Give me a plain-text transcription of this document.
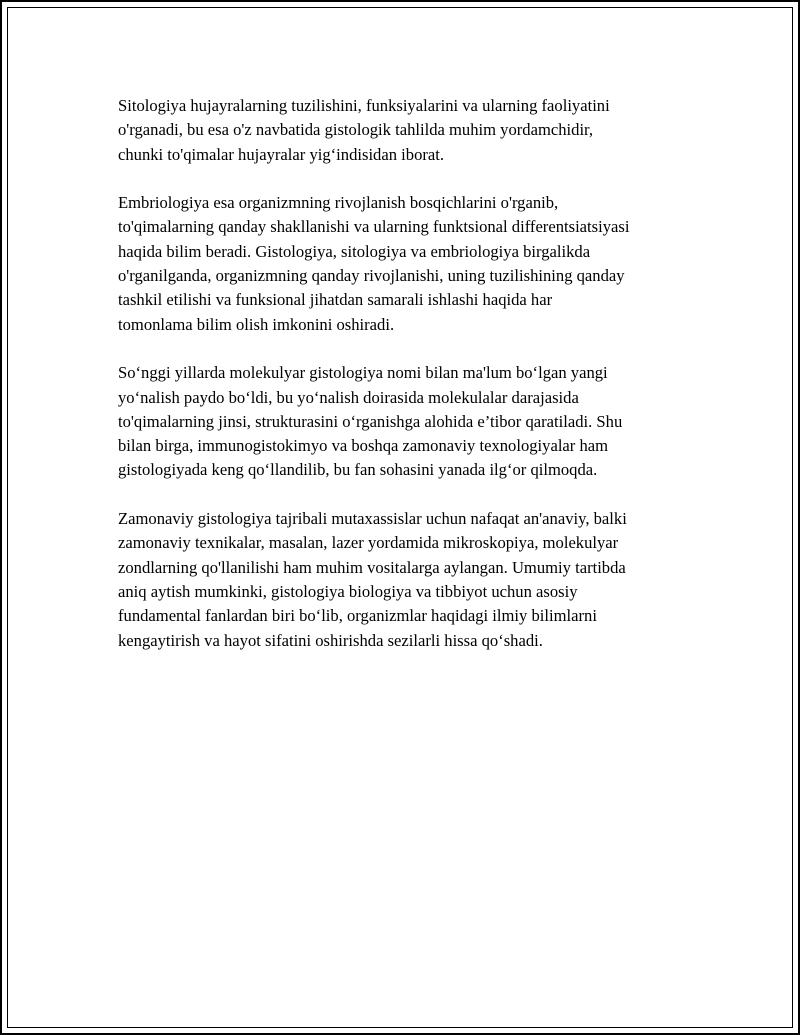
Sitologiya hujayralarning tuzilishini, funksiyalarini va ularning faoliyatini
o'rganadi, bu esa o'z navbatida gistologik tahlilda muhim yordamchidir,
chunki to'qimalar hujayralar yig‘indisidan iborat.

Embriologiya esa organizmning rivojlanish bosqichlarini o'rganib,
to'qimalarning qanday shakllanishi va ularning funktsional differentsiatsiyasi
haqida bilim beradi. Gistologiya, sitologiya va embriologiya birgalikda
o'rganilganda, organizmning qanday rivojlanishi, uning tuzilishining qanday
tashkil etilishi va funksional jihatdan samarali ishlashi haqida har
tomonlama bilim olish imkonini oshiradi.

So‘nggi yillarda molekulyar gistologiya nomi bilan ma'lum bo‘lgan yangi
yo‘nalish paydo bo‘ldi, bu yo‘nalish doirasida molekulalar darajasida
to'qimalarning jinsi, strukturasini o‘rganishga alohida e’tibor qaratiladi. Shu
bilan birga, immunogistokimyo va boshqa zamonaviy texnologiyalar ham
gistologiyada keng qo‘llandilib, bu fan sohasini yanada ilg‘or qilmoqda.

Zamonaviy gistologiya tajribali mutaxassislar uchun nafaqat an'anaviy, balki
zamonaviy texnikalar, masalan, lazer yordamida mikroskopiya, molekulyar
zondlarning qo'llanilishi ham muhim vositalarga aylangan. Umumiy tartibda
aniq aytish mumkinki, gistologiya biologiya va tibbiyot uchun asosiy
fundamental fanlardan biri bo‘lib, organizmlar haqidagi ilmiy bilimlarni
kengaytirish va hayot sifatini oshirishda sezilarli hissa qo‘shadi.
